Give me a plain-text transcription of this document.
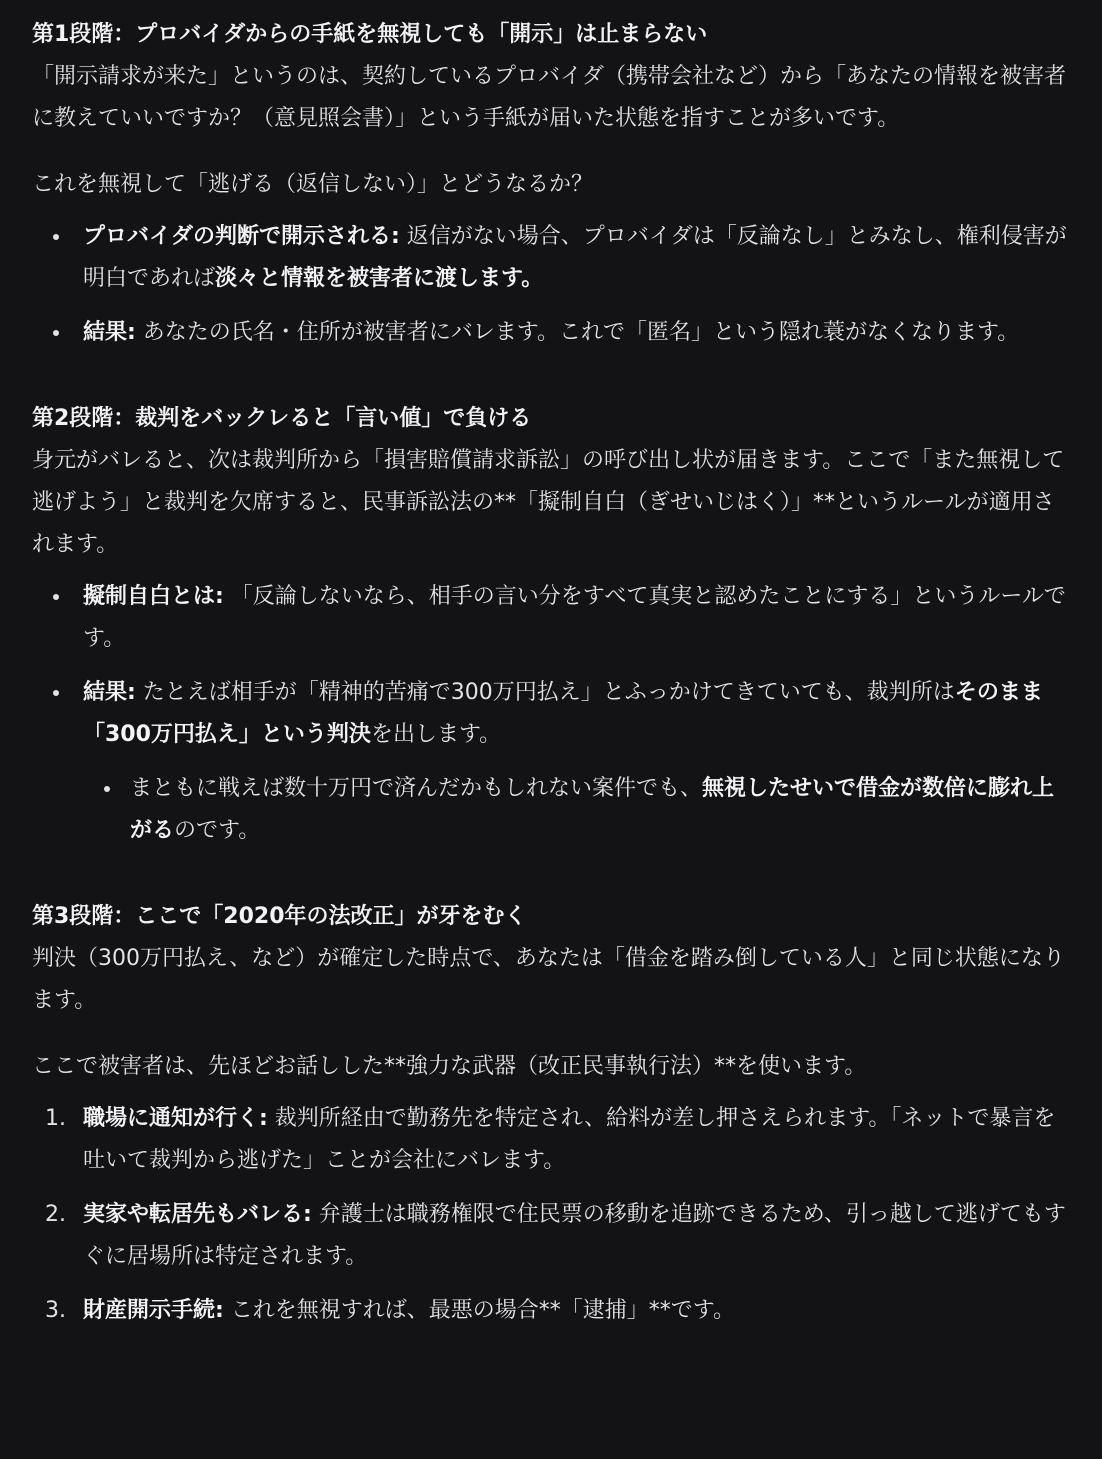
第1段階：プロバイダからの手紙を無視しても「開示」は止まらない

「開示請求が来た」というのは、契約しているプロバイダ（携帯会社など）から「あなたの情報を被害者に教えていいですか？（意見照会書）」という手紙が届いた状態を指すことが多いです。

これを無視して「逃げる（返信しない）」とどうなるか？

プロバイダの判断で開示される: 返信がない場合、プロバイダは「反論なし」とみなし、権利侵害が明白であれば淡々と情報を被害者に渡します。
結果: あなたの氏名・住所が被害者にバレます。これで「匿名」という隠れ蓑がなくなります。
第2段階：裁判をバックレると「言い値」で負ける

身元がバレると、次は裁判所から「損害賠償請求訴訟」の呼び出し状が届きます。ここで「また無視して逃げよう」と裁判を欠席すると、民事訴訟法の**「擬制自白（ぎせいじはく）」**というルールが適用されます。

擬制自白とは: 「反論しないなら、相手の言い分をすべて真実と認めたことにする」というルールです。
結果: たとえば相手が「精神的苦痛で300万円払え」とふっかけてきていても、裁判所はそのまま「300万円払え」という判決を出します。
まともに戦えば数十万円で済んだかもしれない案件でも、無視したせいで借金が数倍に膨れ上がるのです。
第3段階：ここで「2020年の法改正」が牙をむく

判決（300万円払え、など）が確定した時点で、あなたは「借金を踏み倒している人」と同じ状態になります。

ここで被害者は、先ほどお話しした**強力な武器（改正民事執行法）**を使います。

1. 職場に通知が行く: 裁判所経由で勤務先を特定され、給料が差し押さえられます。「ネットで暴言を吐いて裁判から逃げた」ことが会社にバレます。
2. 実家や転居先もバレる: 弁護士は職務権限で住民票の移動を追跡できるため、引っ越して逃げてもすぐに居場所は特定されます。
3. 財産開示手続: これを無視すれば、最悪の場合**「逮捕」**です。
